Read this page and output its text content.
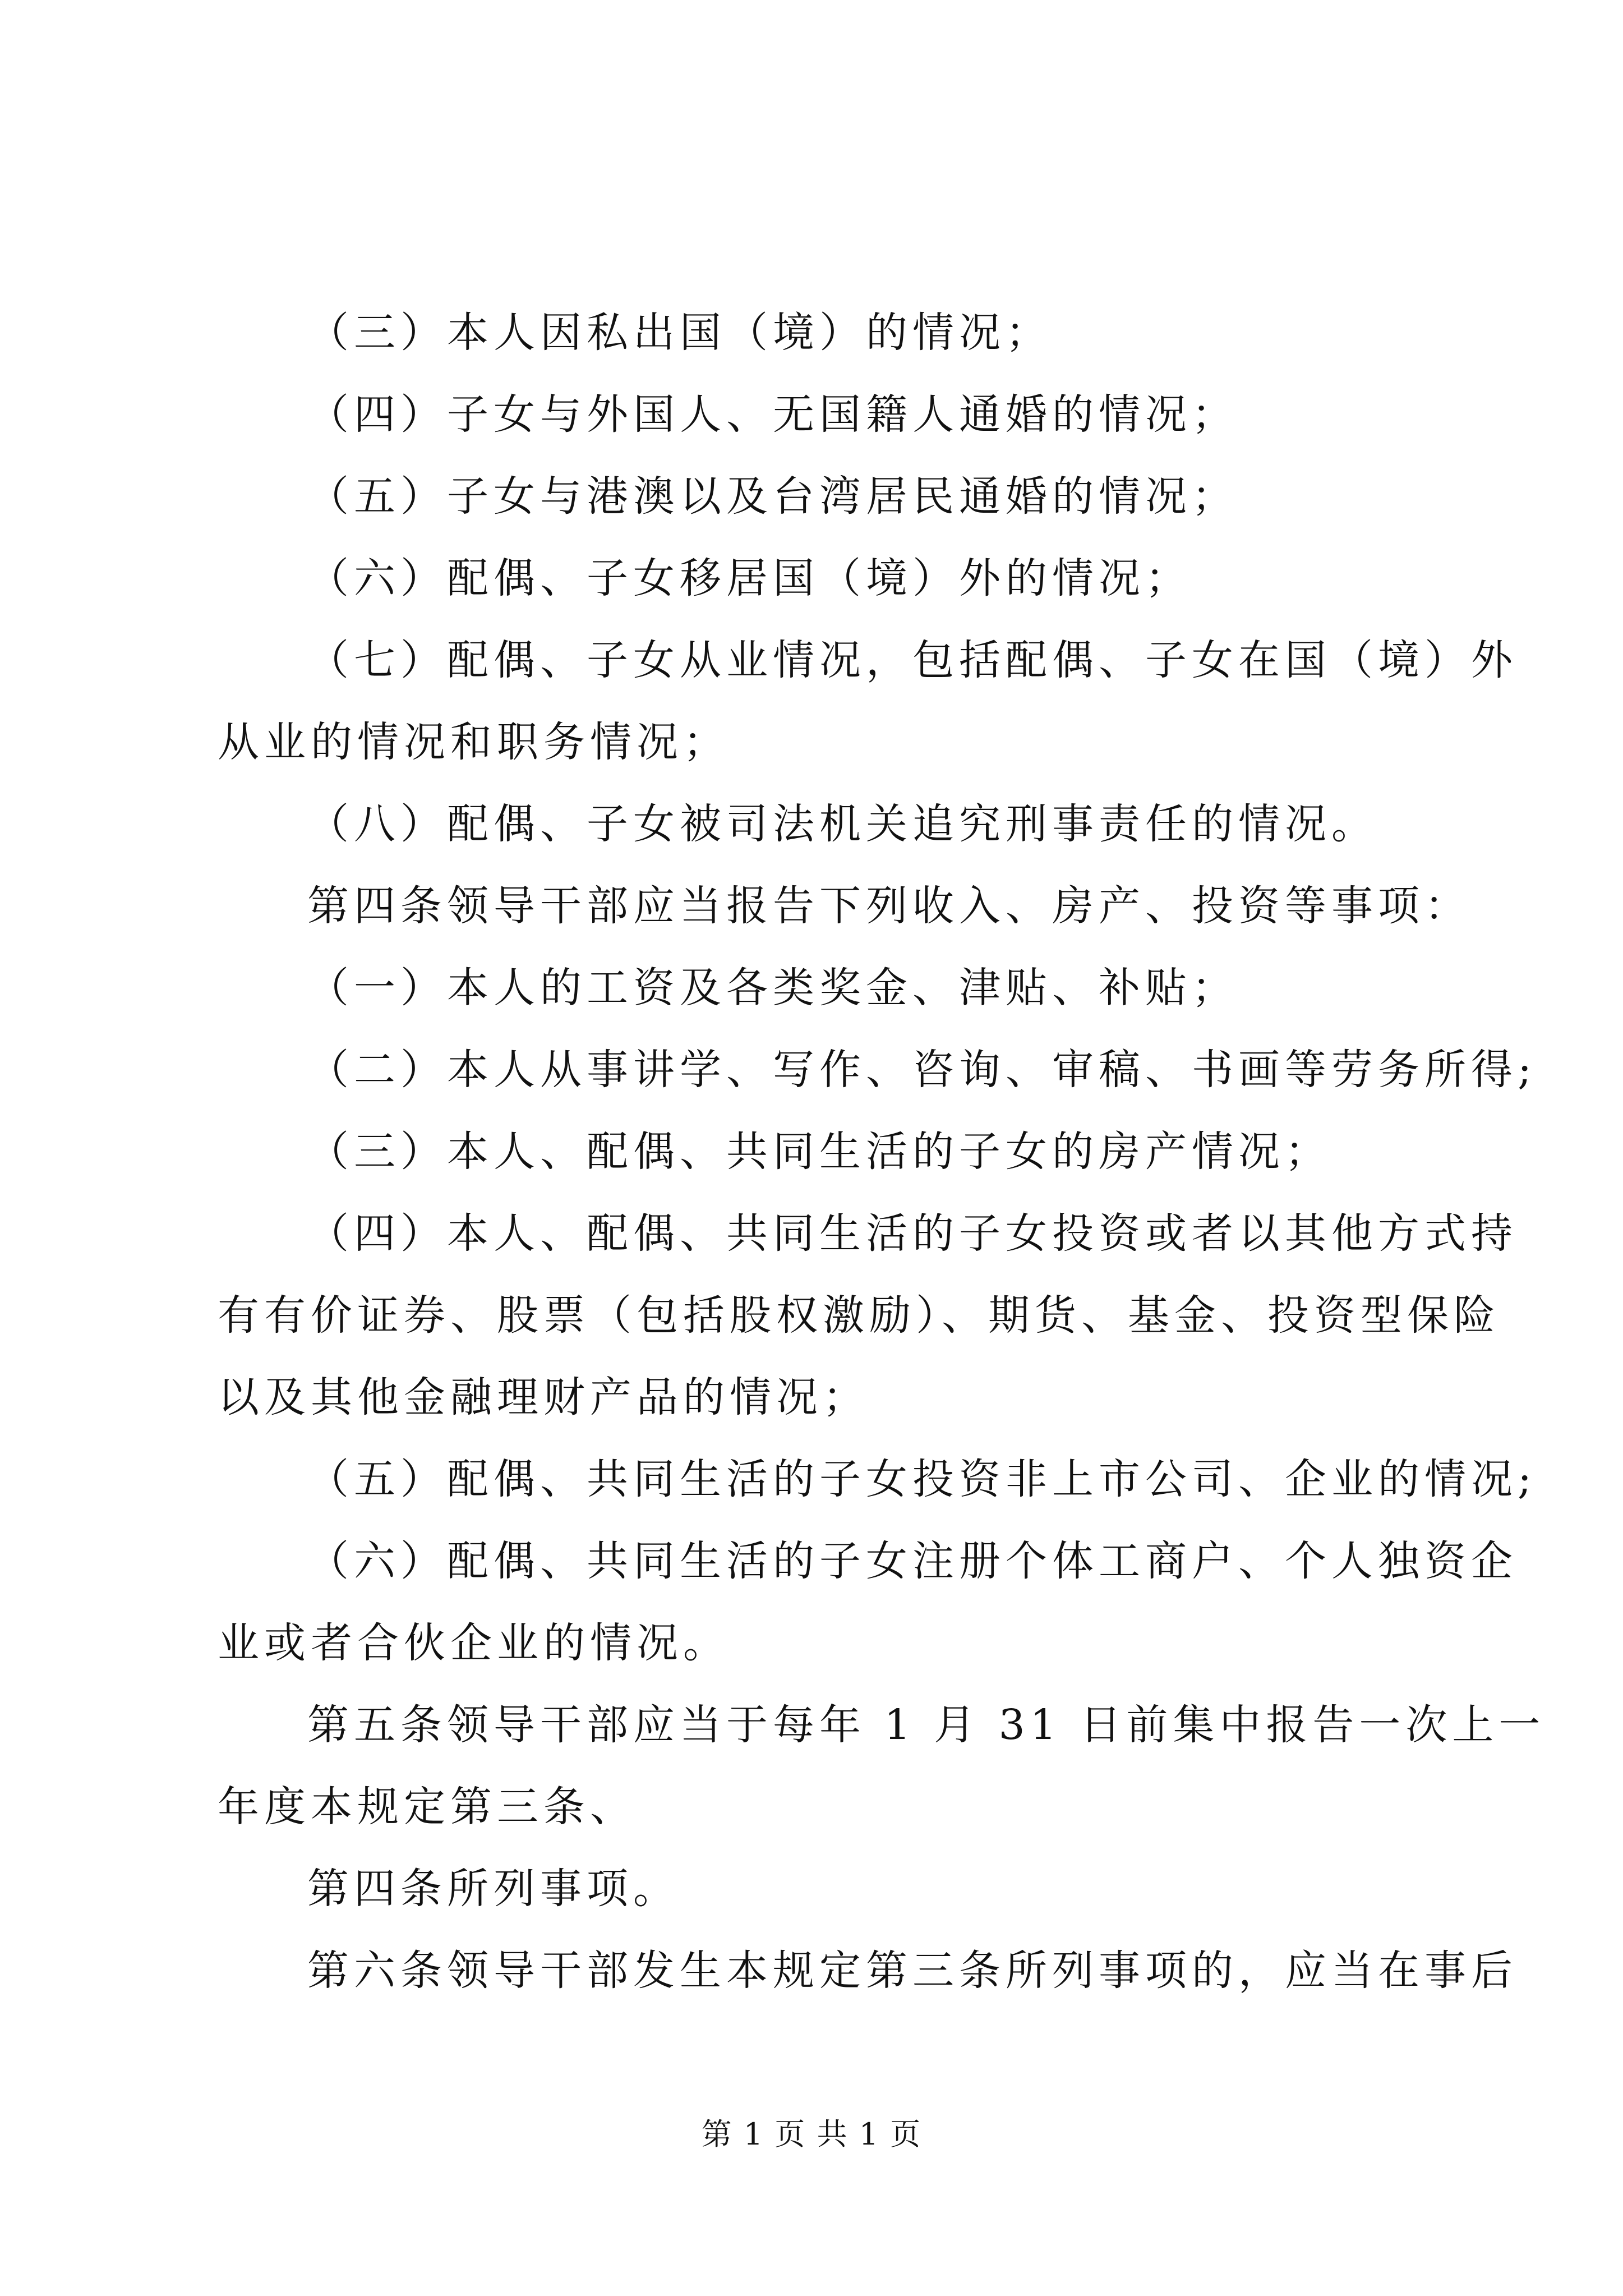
（三）本人因私出国（境）的情况；
（四）子女与外国人、无国籍人通婚的情况；
（五）子女与港澳以及台湾居民通婚的情况；
（六）配偶、子女移居国（境）外的情况；
（七）配偶、子女从业情况，包括配偶、子女在国（境）外
从业的情况和职务情况；
（八）配偶、子女被司法机关追究刑事责任的情况。
第四条领导干部应当报告下列收入、房产、投资等事项：
（一）本人的工资及各类奖金、津贴、补贴；
（二）本人从事讲学、写作、咨询、审稿、书画等劳务所得;
（三）本人、配偶、共同生活的子女的房产情况；
（四）本人、配偶、共同生活的子女投资或者以其他方式持
有有价证券、股票（包括股权激励）、期货、基金、投资型保险
以及其他金融理财产品的情况；
（五）配偶、共同生活的子女投资非上市公司、企业的情况;
（六）配偶、共同生活的子女注册个体工商户、个人独资企
业或者合伙企业的情况。
第五条领导干部应当于每年 1 月 31 日前集中报告一次上一
年度本规定第三条、
第四条所列事项。
第六条领导干部发生本规定第三条所列事项的，应当在事后
第 1 页 共 1 页
